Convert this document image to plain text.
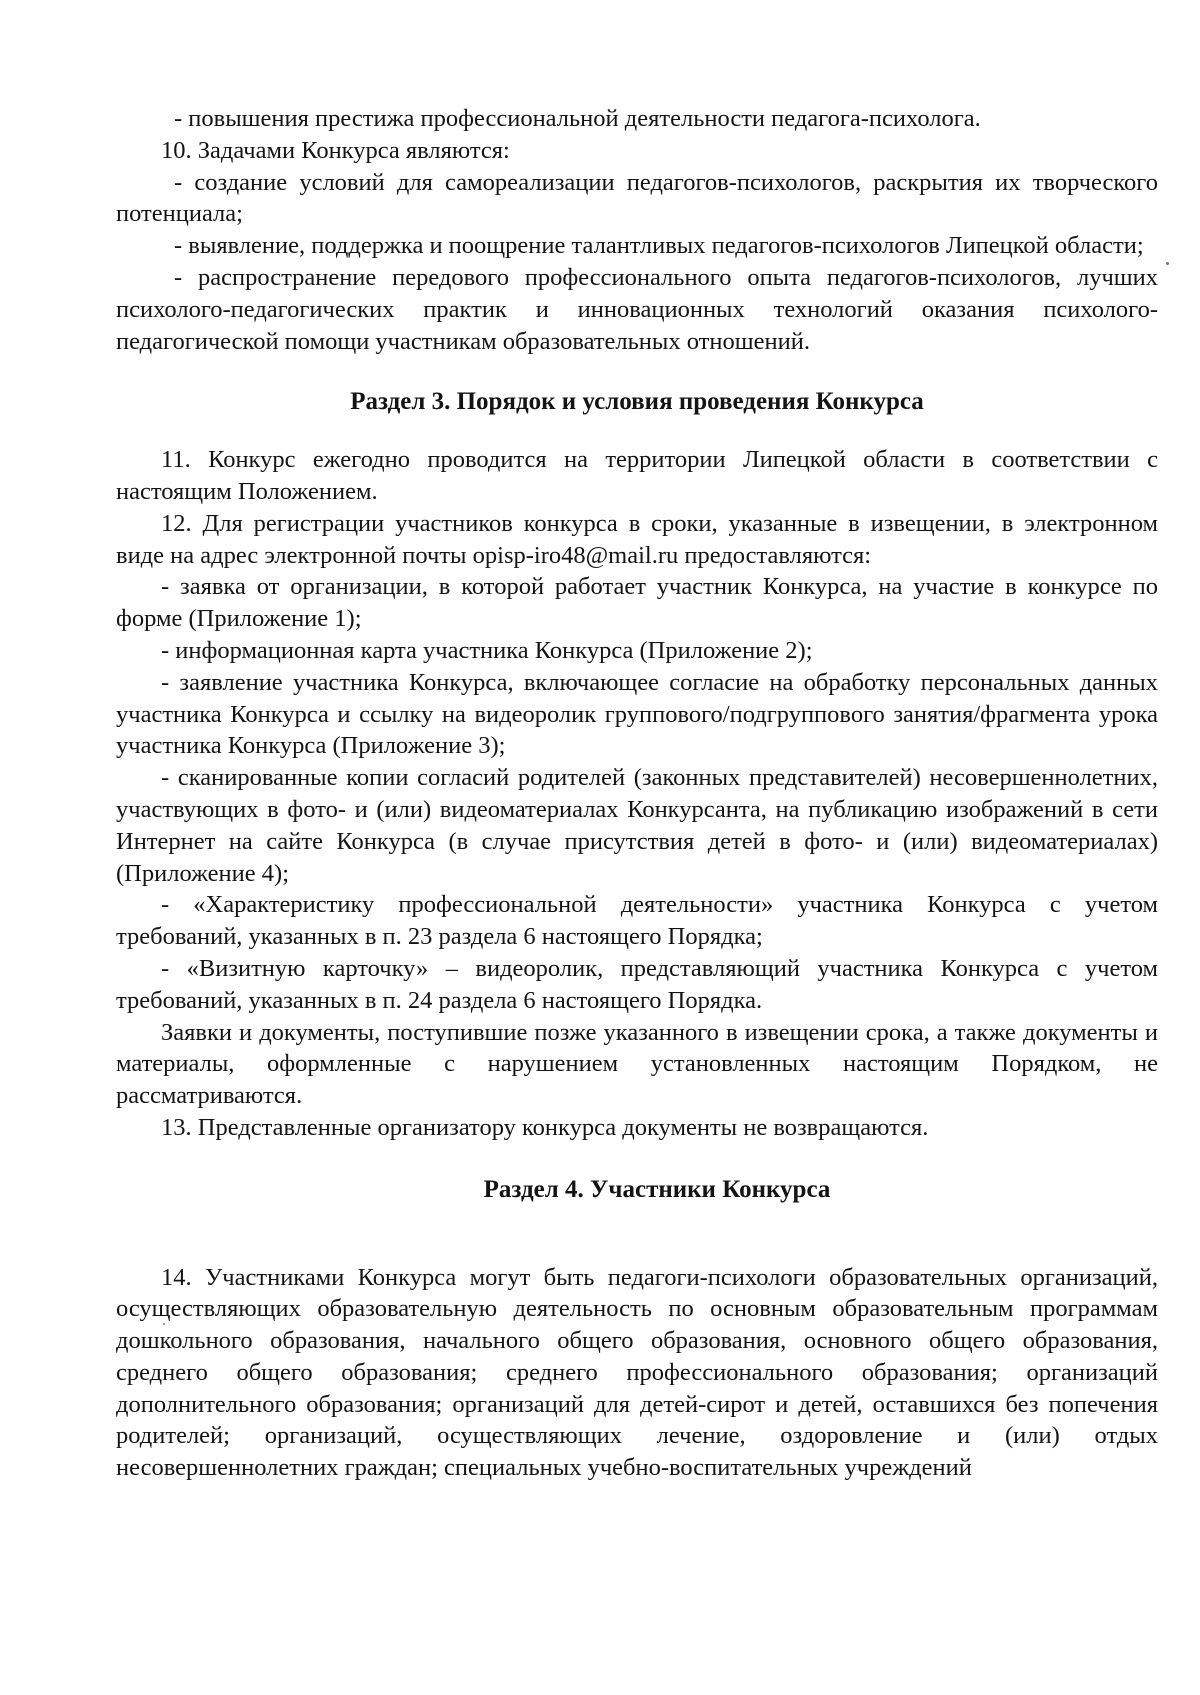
- повышения престижа профессиональной деятельности педагога-психолога.

10. Задачами Конкурса являются:

- создание условий для самореализации педагогов-психологов, раскрытия их творческого потенциала;

- выявление, поддержка и поощрение талантливых педагогов-психологов Липецкой области;

- распространение передового профессионального опыта педагогов-психологов, лучших психолого-педагогических практик и инновационных технологий оказания психолого-педагогической помощи участникам образовательных отношений.

Раздел 3. Порядок и условия проведения Конкурса

11. Конкурс ежегодно проводится на территории Липецкой области в соответствии с настоящим Положением.

12. Для регистрации участников конкурса в сроки, указанные в извещении, в электронном виде на адрес электронной почты opisp-iro48@mail.ru предоставляются:

- заявка от организации, в которой работает участник Конкурса, на участие в конкурсе по форме (Приложение 1);

- информационная карта участника Конкурса (Приложение 2);

- заявление участника Конкурса, включающее согласие на обработку персональных данных участника Конкурса и ссылку на видеоролик группового/подгруппового занятия/фрагмента урока участника Конкурса (Приложение 3);

- сканированные копии согласий родителей (законных представителей) несовершеннолетних, участвующих в фото- и (или) видеоматериалах Конкурсанта, на публикацию изображений в сети Интернет на сайте Конкурса (в случае присутствия детей в фото- и (или) видеоматериалах) (Приложение 4);

- «Характеристику профессиональной деятельности» участника Конкурса с учетом требований, указанных в п. 23 раздела 6 настоящего Порядка;

- «Визитную карточку» – видеоролик, представляющий участника Конкурса с учетом требований, указанных в п. 24 раздела 6 настоящего Порядка.

Заявки и документы, поступившие позже указанного в извещении срока, а также документы и материалы, оформленные с нарушением установленных настоящим Порядком, не рассматриваются.

13. Представленные организатору конкурса документы не возвращаются.

Раздел 4. Участники Конкурса

14. Участниками Конкурса могут быть педагоги-психологи образовательных организаций, осуществляющих образовательную деятельность по основным образовательным программам дошкольного образования, начального общего образования, основного общего образования, среднего общего образования; среднего профессионального образования; организаций дополнительного образования; организаций для детей-сирот и детей, оставшихся без попечения родителей; организаций, осуществляющих лечение, оздоровление и (или) отдых несовершеннолетних граждан; специальных учебно-воспитательных учреждений
